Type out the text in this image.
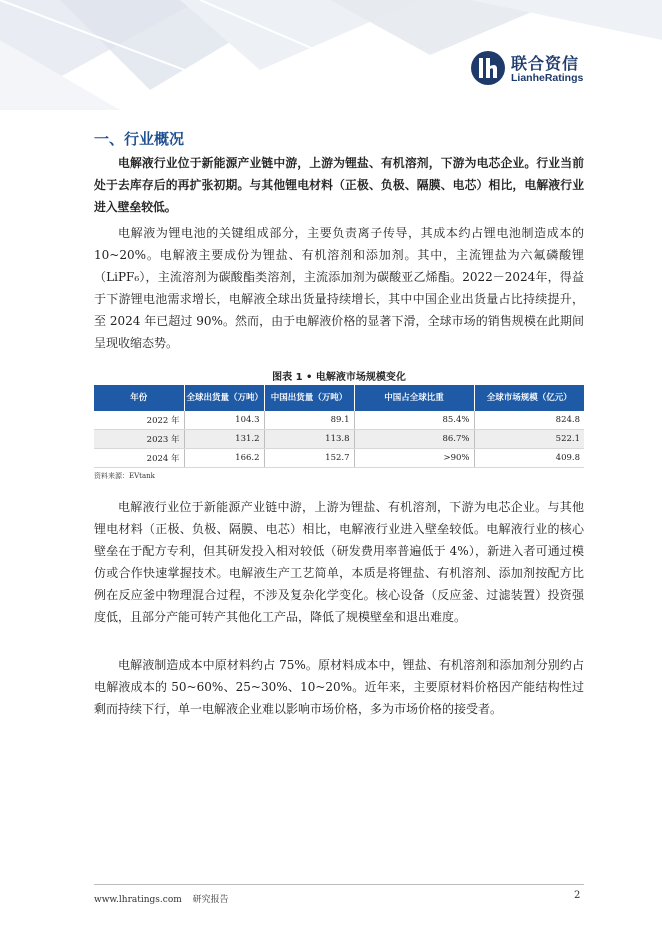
联合资信
LianheRatings
一、行业概况

电解液行业位于新能源产业链中游，上游为锂盐、有机溶剂，下游为电芯企业。行业当前处于去库存后的再扩张初期。与其他锂电材料（正极、负极、隔膜、电芯）相比，电解液行业进入壁垒较低。

电解液为锂电池的关键组成部分，主要负责离子传导，其成本约占锂电池制造成本的 10~20%。电解液主要成份为锂盐、有机溶剂和添加剂。其中，主流锂盐为六氟磷酸锂（LiPF₆），主流溶剂为碳酸酯类溶剂，主流添加剂为碳酸亚乙烯酯。2022－2024年，得益于下游锂电池需求增长，电解液全球出货量持续增长，其中中国企业出货量占比持续提升，至 2024 年已超过 90%。然而，由于电解液价格的显著下滑，全球市场的销售规模在此期间呈现收缩态势。

图表 1 • 电解液市场规模变化
年份	全球出货量（万吨）	中国出货量（万吨）	中国占全球比重	全球市场规模（亿元）
2022 年	104.3	89.1	85.4%	824.8
2023 年	131.2	113.8	86.7%	522.1
2024 年	166.2	152.7	>90%	409.8
资料来源：EVtank

电解液行业位于新能源产业链中游，上游为锂盐、有机溶剂，下游为电芯企业。与其他锂电材料（正极、负极、隔膜、电芯）相比，电解液行业进入壁垒较低。电解液行业的核心壁垒在于配方专利，但其研发投入相对较低（研发费用率普遍低于 4%），新进入者可通过模仿或合作快速掌握技术。电解液生产工艺简单，本质是将锂盐、有机溶剂、添加剂按配方比例在反应釜中物理混合过程，不涉及复杂化学变化。核心设备（反应釜、过滤装置）投资强度低，且部分产能可转产其他化工产品，降低了规模壁垒和退出难度。

电解液制造成本中原材料约占 75%。原材料成本中，锂盐、有机溶剂和添加剂分别约占电解液成本的 50~60%、25~30%、10~20%。近年来，主要原材料价格因产能结构性过剩而持续下行，单一电解液企业难以影响市场价格，多为市场价格的接受者。

www.lhratings.com 研究报告	2
